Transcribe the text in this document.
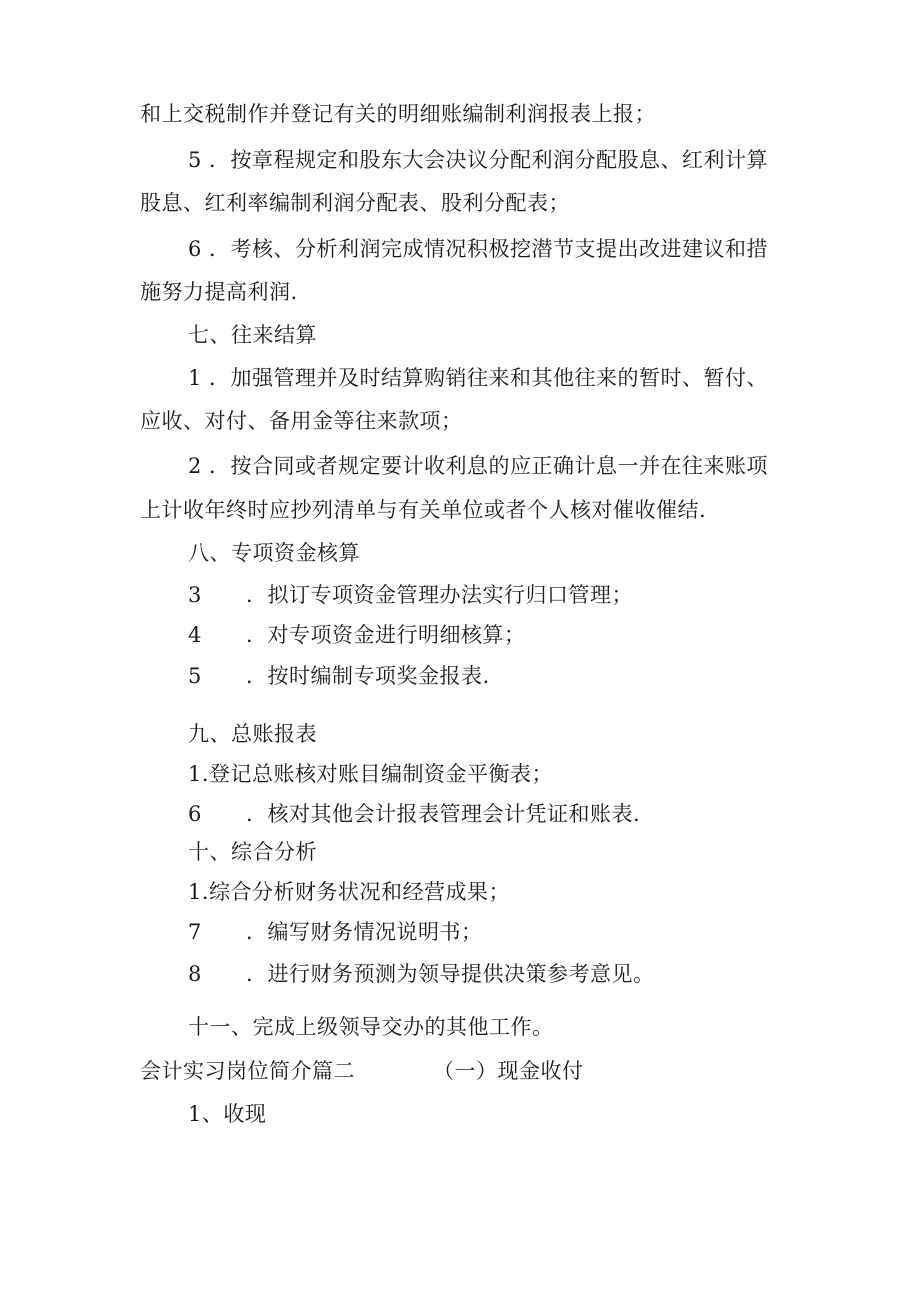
和上交税制作并登记有关的明细账编制利润报表上报；
5 ．按章程规定和股东大会决议分配利润分配股息、红利计算
股息、红利率编制利润分配表、股利分配表；
6 ．考核、分析利润完成情况积极挖潜节支提出改进建议和措
施努力提高利润.
七、往来结算
1 ．加强管理并及时结算购销往来和其他往来的暂时、暂付、
应收、对付、备用金等往来款项；
2 ．按合同或者规定要计收利息的应正确计息一并在往来账项
上计收年终时应抄列清单与有关单位或者个人核对催收催结.
八、专项资金核算
3 ．拟订专项资金管理办法实行归口管理；
4 ．对专项资金进行明细核算；
5 ．按时编制专项奖金报表.
九、总账报表
1.登记总账核对账目编制资金平衡表；
6 ．核对其他会计报表管理会计凭证和账表.
十、综合分析
1.综合分析财务状况和经营成果；
7 ．编写财务情况说明书；
8 ．进行财务预测为领导提供决策参考意见。
十一、完成上级领导交办的其他工作。
会计实习岗位简介篇二	（一）现金收付
1、收现
